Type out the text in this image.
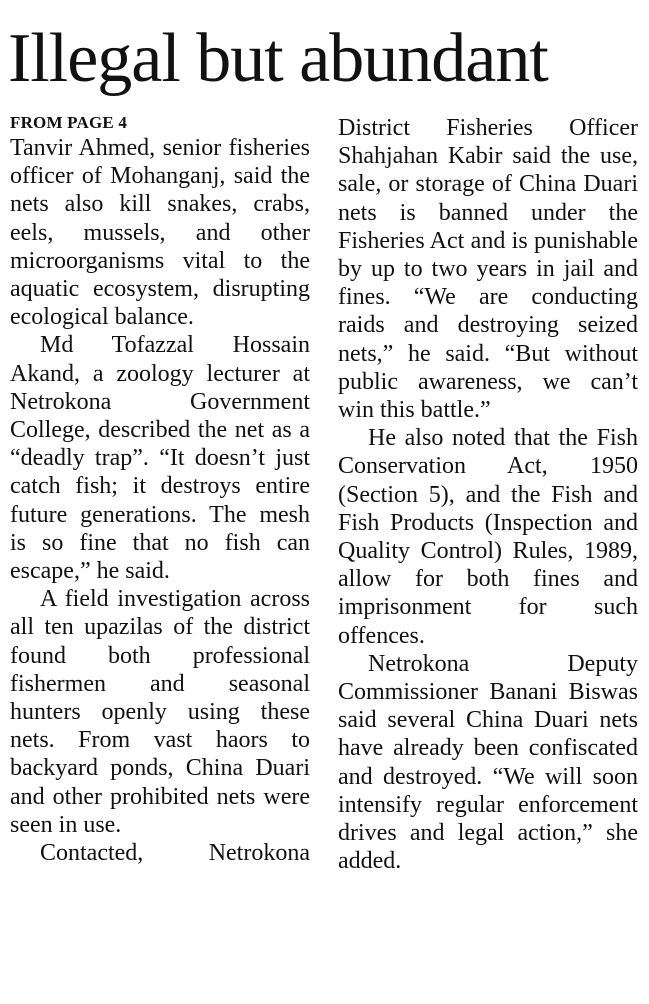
Illegal but abundant

FROM PAGE 4

Tanvir Ahmed, senior fisheries officer of Mohanganj, said the nets also kill snakes, crabs, eels, mussels, and other microorganisms vital to the aquatic ecosystem, disrupting ecological balance.

Md Tofazzal Hossain Akand, a zoology lecturer at Netrokona Government College, described the net as a “deadly trap”. “It doesn’t just catch fish; it destroys entire future generations. The mesh is so fine that no fish can escape,” he said.

A field investigation across all ten upazilas of the district found both professional fishermen and seasonal hunters openly using these nets. From vast haors to backyard ponds, China Duari and other prohibited nets were seen in use.

Contacted, Netrokona

District Fisheries Officer Shahjahan Kabir said the use, sale, or storage of China Duari nets is banned under the Fisheries Act and is punishable by up to two years in jail and fines. “We are conducting raids and destroying seized nets,” he said. “But without public awareness, we can’t win this battle.”

He also noted that the Fish Conservation Act, 1950 (Section 5), and the Fish and Fish Products (Inspection and Quality Control) Rules, 1989, allow for both fines and imprisonment for such offences.

Netrokona Deputy Commissioner Banani Biswas said several China Duari nets have already been confiscated and destroyed. “We will soon intensify regular enforcement drives and legal action,” she added.
